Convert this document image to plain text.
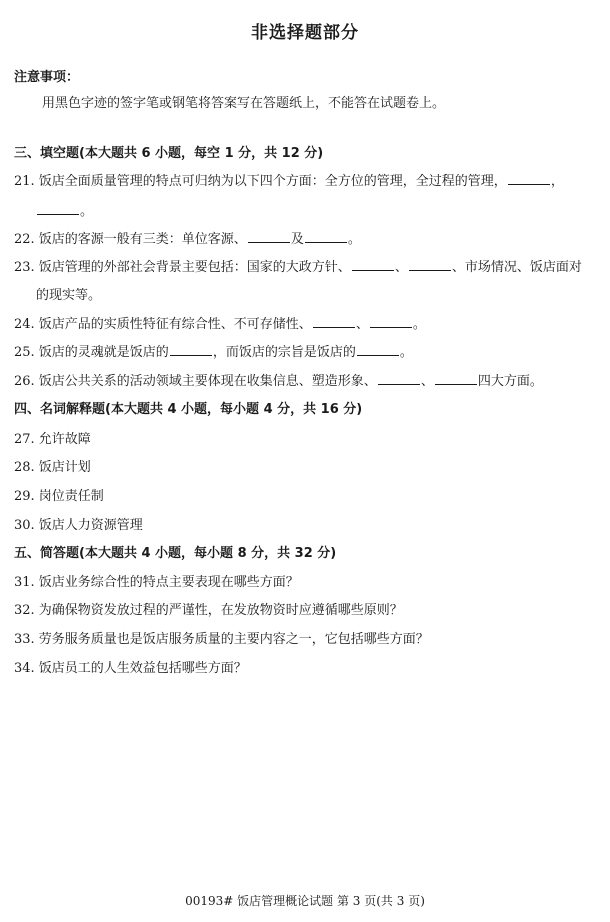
非选择题部分
注意事项：
用黑色字迹的签字笔或钢笔将答案写在答题纸上，不能答在试题卷上。
三、填空题(本大题共 6 小题，每空 1 分，共 12 分)
21. 饭店全面质量管理的特点可归纳为以下四个方面：全方位的管理，全过程的管理，	，
。
22. 饭店的客源一般有三类：单位客源、	及	。
23. 饭店管理的外部社会背景主要包括：国家的大政方针、	、	、市场情况、饭店面对
的现实等。
24. 饭店产品的实质性特征有综合性、不可存储性、	、	。
25. 饭店的灵魂就是饭店的	，而饭店的宗旨是饭店的	。
26. 饭店公共关系的活动领域主要体现在收集信息、塑造形象、	、	四大方面。
四、名词解释题(本大题共 4 小题，每小题 4 分，共 16 分)
27. 允许故障
28. 饭店计划
29. 岗位责任制
30. 饭店人力资源管理
五、简答题(本大题共 4 小题，每小题 8 分，共 32 分)
31. 饭店业务综合性的特点主要表现在哪些方面？
32. 为确保物资发放过程的严谨性，在发放物资时应遵循哪些原则？
33. 劳务服务质量也是饭店服务质量的主要内容之一，它包括哪些方面？
34. 饭店员工的人生效益包括哪些方面？
00193# 饭店管理概论试题 第 3 页(共 3 页)
